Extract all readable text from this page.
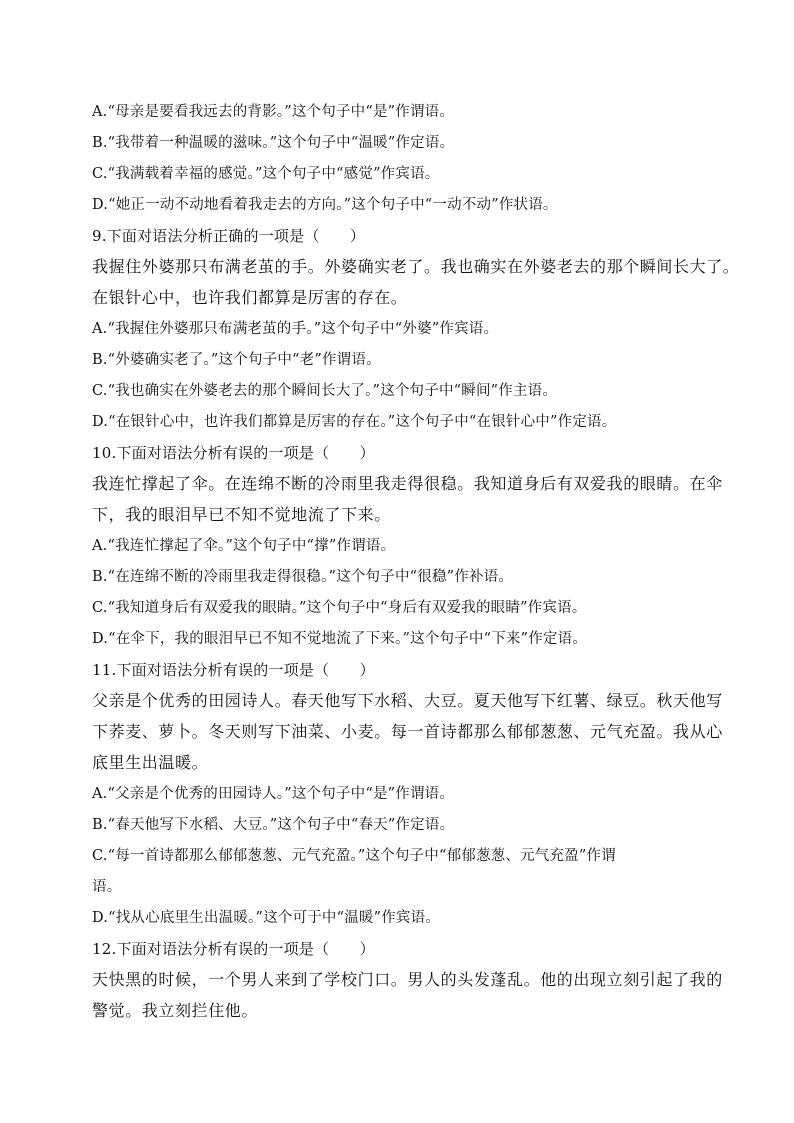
A.“母亲是要看我远去的背影。”这个句子中“是”作谓语。
B.“我带着一种温暖的滋味。”这个句子中“温暖”作定语。
C.“我满载着幸福的感觉。”这个句子中“感觉”作宾语。
D.“她正一动不动地看着我走去的方向。”这个句子中“一动不动”作状语。
9.下面对语法分析正确的一项是（　　）
我握住外婆那只布满老茧的手。外婆确实老了。我也确实在外婆老去的那个瞬间长大了。
在银针心中，也许我们都算是厉害的存在。
A.“我握住外婆那只布满老茧的手。”这个句子中“外婆”作宾语。
B.“外婆确实老了。”这个句子中“老”作谓语。
C.“我也确实在外婆老去的那个瞬间长大了。”这个句子中“瞬间”作主语。
D.“在银针心中，也许我们都算是厉害的存在。”这个句子中“在银针心中”作定语。
10.下面对语法分析有误的一项是（　　）
我连忙撑起了伞。在连绵不断的冷雨里我走得很稳。我知道身后有双爱我的眼睛。在伞
下，我的眼泪早已不知不觉地流了下来。
A.“我连忙撑起了伞。”这个句子中“撑”作谓语。
B.“在连绵不断的冷雨里我走得很稳。”这个句子中“很稳”作补语。
C.“我知道身后有双爱我的眼睛。”这个句子中“身后有双爱我的眼睛”作宾语。
D.“在伞下，我的眼泪早已不知不觉地流了下来。”这个句子中“下来”作定语。
11.下面对语法分析有误的一项是（　　）
父亲是个优秀的田园诗人。春天他写下水稻、大豆。夏天他写下红薯、绿豆。秋天他写
下荞麦、萝卜。冬天则写下油菜、小麦。每一首诗都那么郁郁葱葱、元气充盈。我从心
底里生出温暖。
A.“父亲是个优秀的田园诗人。”这个句子中“是”作谓语。
B.“春天他写下水稻、大豆。”这个句子中“春天”作定语。
C.“每一首诗都那么郁郁葱葱、元气充盈。”这个句子中“郁郁葱葱、元气充盈”作谓
语。
D.“找从心底里生出温暖。”这个可于中“温暖”作宾语。
12.下面对语法分析有误的一项是（　　）
天快黑的时候，一个男人来到了学校门口。男人的头发蓬乱。他的出现立刻引起了我的
警觉。我立刻拦住他。
